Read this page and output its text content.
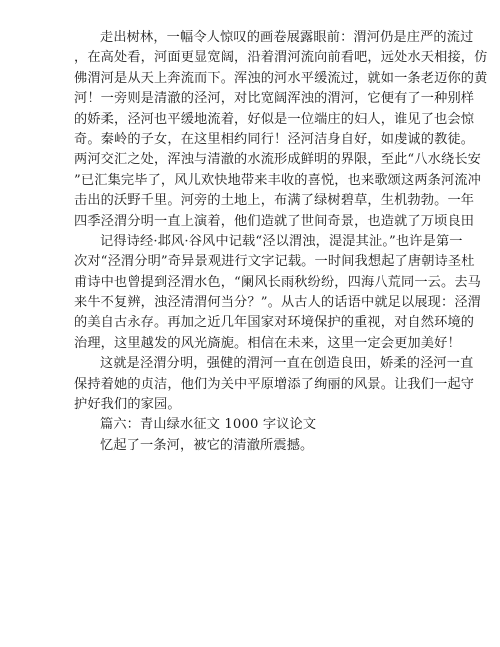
走出树林，一幅令人惊叹的画卷展露眼前：渭河仍是庄严的流过
，在高处看，河面更显宽阔，沿着渭河流向前看吧，远处水天相接，仿
佛渭河是从天上奔流而下。浑浊的河水平缓流过，就如一条老迈你的黄
河！一旁则是清澈的泾河，对比宽阔浑浊的渭河，它便有了一种别样
的娇柔，泾河也平缓地流着，好似是一位端庄的妇人，谁见了也会惊
奇。秦岭的子女，在这里相约同行！泾河洁身自好，如虔诚的教徒。
两河交汇之处，浑浊与清澈的水流形成鲜明的界限，至此“八水绕长安
”已汇集完毕了，风儿欢快地带来丰收的喜悦，也来歌颂这两条河流冲
击出的沃野千里。河旁的土地上，布满了绿树碧草，生机勃勃。一年
四季泾渭分明一直上演着，他们造就了世间奇景，也造就了万顷良田
记得诗经·邶风·谷风中记载“泾以渭浊，湜湜其沚。”也许是第一
次对“泾渭分明”奇异景观进行文字记载。一时间我想起了唐朝诗圣杜
甫诗中也曾提到泾渭水色，“阑风长雨秋纷纷，四海八荒同一云。去马
来牛不复辨，浊泾清渭何当分？”。从古人的话语中就足以展现：泾渭
的美自古永存。再加之近几年国家对环境保护的重视，对自然环境的
治理，这里越发的风光旖旎。相信在未来，这里一定会更加美好！
这就是泾渭分明，强健的渭河一直在创造良田，娇柔的泾河一直
保持着她的贞洁，他们为关中平原增添了绚丽的风景。让我们一起守
护好我们的家园。
篇六：青山绿水征文 1000 字议论文
忆起了一条河，被它的清澈所震撼。
